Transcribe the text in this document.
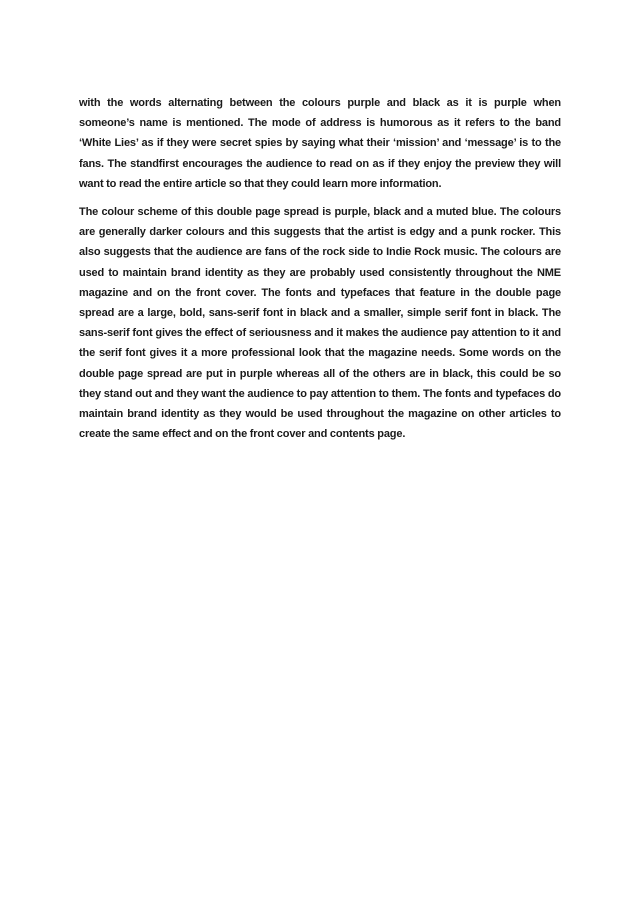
with the words alternating between the colours purple and black as it is purple when someone’s name is mentioned. The mode of address is humorous as it refers to the band ‘White Lies’ as if they were secret spies by saying what their ‘mission’ and ‘message’ is to the fans. The standfirst encourages the audience to read on as if they enjoy the preview they will want to read the entire article so that they could learn more information.

The colour scheme of this double page spread is purple, black and a muted blue. The colours are generally darker colours and this suggests that the artist is edgy and a punk rocker. This also suggests that the audience are fans of the rock side to Indie Rock music. The colours are used to maintain brand identity as they are probably used consistently throughout the NME magazine and on the front cover. The fonts and typefaces that feature in the double page spread are a large, bold, sans-serif font in black and a smaller, simple serif font in black. The sans-serif font gives the effect of seriousness and it makes the audience pay attention to it and the serif font gives it a more professional look that the magazine needs. Some words on the double page spread are put in purple whereas all of the others are in black, this could be so they stand out and they want the audience to pay attention to them. The fonts and typefaces do maintain brand identity as they would be used throughout the magazine on other articles to create the same effect and on the front cover and contents page.
